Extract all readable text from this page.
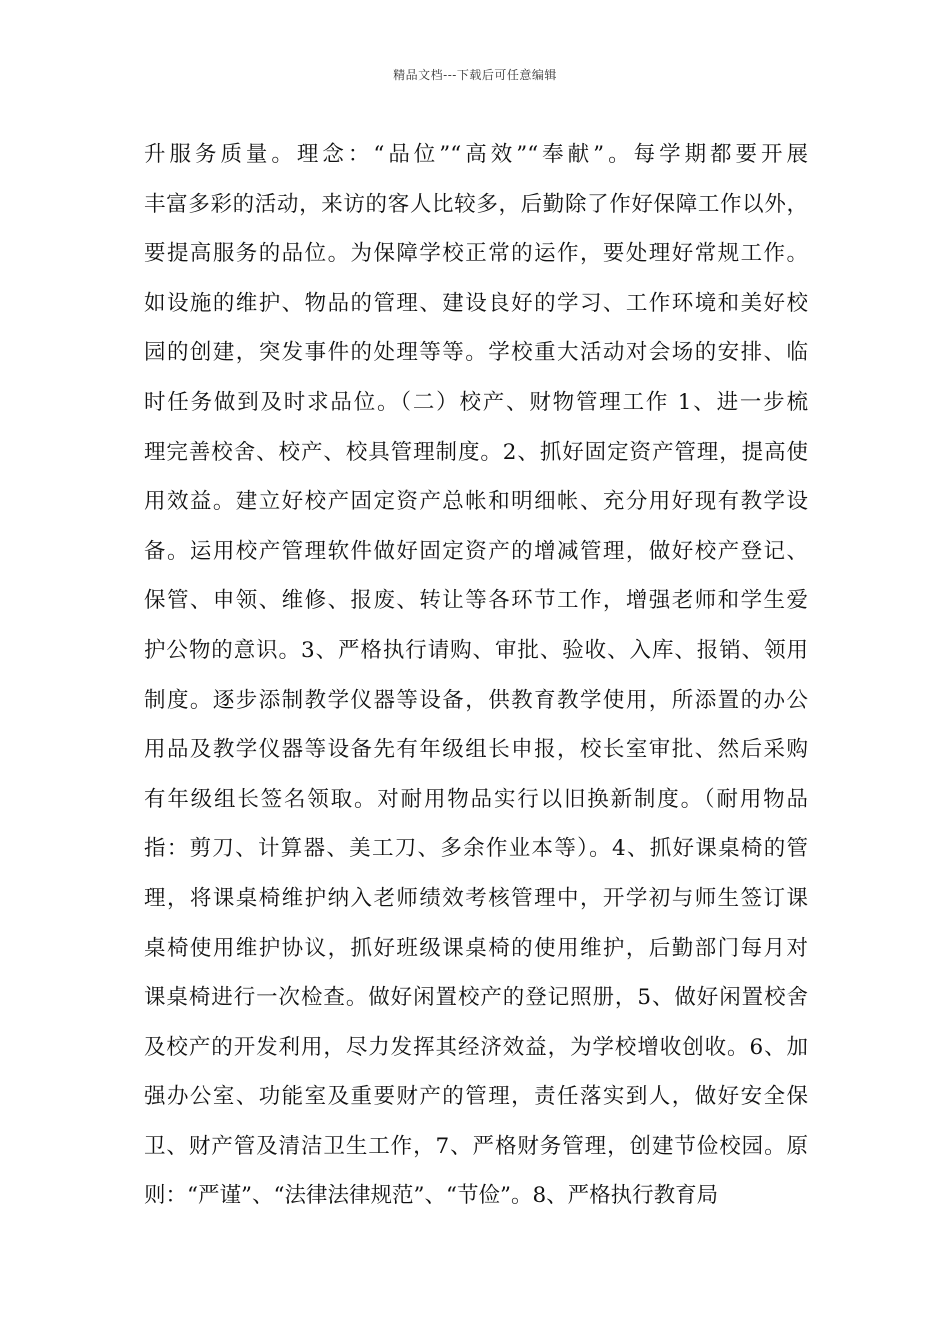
精品文档---下载后可任意编辑
升服务质量。理念：“品位”“高效”“奉献”。每学期都要开展
丰富多彩的活动，来访的客人比较多，后勤除了作好保障工作以外，
要提高服务的品位。为保障学校正常的运作，要处理好常规工作。
如设施的维护、物品的管理、建设良好的学习、工作环境和美好校
园的创建，突发事件的处理等等。学校重大活动对会场的安排、临
时任务做到及时求品位。（二）校产、财物管理工作 1、进一步梳
理完善校舍、校产、校具管理制度。2、抓好固定资产管理，提高使
用效益。建立好校产固定资产总帐和明细帐、充分用好现有教学设
备。运用校产管理软件做好固定资产的增减管理，做好校产登记、
保管、申领、维修、报废、转让等各环节工作，增强老师和学生爱
护公物的意识。3、严格执行请购、审批、验收、入库、报销、领用
制度。逐步添制教学仪器等设备，供教育教学使用，所添置的办公
用品及教学仪器等设备先有年级组长申报，校长室审批、然后采购
有年级组长签名领取。对耐用物品实行以旧换新制度。（耐用物品
指：剪刀、计算器、美工刀、多余作业本等）。4、抓好课桌椅的管
理，将课桌椅维护纳入老师绩效考核管理中，开学初与师生签订课
桌椅使用维护协议，抓好班级课桌椅的使用维护，后勤部门每月对
课桌椅进行一次检查。做好闲置校产的登记照册，5、做好闲置校舍
及校产的开发利用，尽力发挥其经济效益，为学校增收创收。6、加
强办公室、功能室及重要财产的管理，责任落实到人，做好安全保
卫、财产管及清洁卫生工作，7、严格财务管理，创建节俭校园。原
则：“严谨”、“法律法律规范”、“节俭”。8、严格执行教育局
